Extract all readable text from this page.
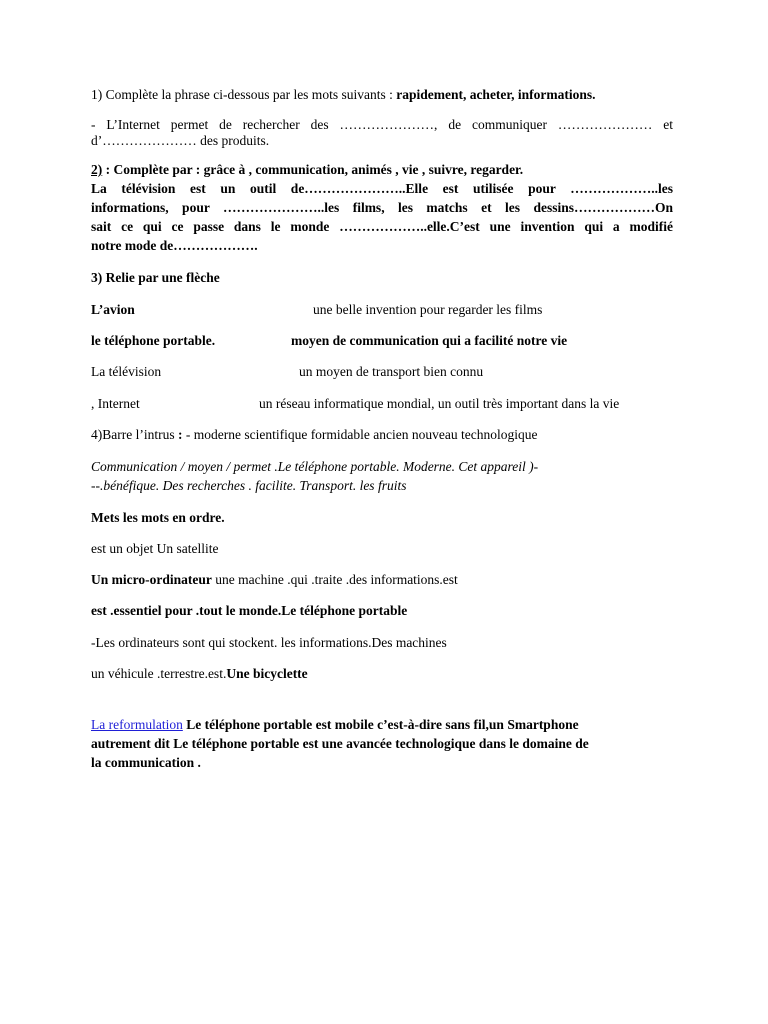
1) Complète la phrase ci-dessous par les mots suivants : rapidement, acheter, informations.
- L’Internet permet de rechercher des …………………, de communiquer ………………… et
d’………………… des produits.
2) : Complète par : grâce à , communication, animés , vie , suivre, regarder.
La télévision est un outil de…………………..Elle est utilisée pour ………………..les
informations, pour …………………..les films, les matchs et les dessins………………On
sait ce qui ce passe dans le monde ………………..elle.C’est une invention qui a modifié
notre mode de……………….
3) Relie par une flèche
L’avion	une belle invention pour regarder les films
le téléphone portable.	moyen de communication qui a facilité notre vie
La télévision	un moyen de transport bien connu
, Internet	un réseau informatique mondial, un outil très important dans la vie
4)Barre l’intrus : - moderne scientifique formidable ancien nouveau technologique
Communication / moyen / permet .Le téléphone portable. Moderne. Cet appareil )-
--.bénéfique. Des recherches . facilite. Transport. les fruits
Mets les mots en ordre.
est un objet Un satellite
Un micro-ordinateur une machine .qui .traite .des informations.est
est .essentiel pour .tout le monde.Le téléphone portable
-Les ordinateurs sont qui stockent. les informations.Des machines
un véhicule .terrestre.est.Une bicyclette
La reformulation Le téléphone portable est mobile c’est-à-dire sans fil,un Smartphone
autrement dit Le téléphone portable est une avancée technologique dans le domaine de
la communication .
